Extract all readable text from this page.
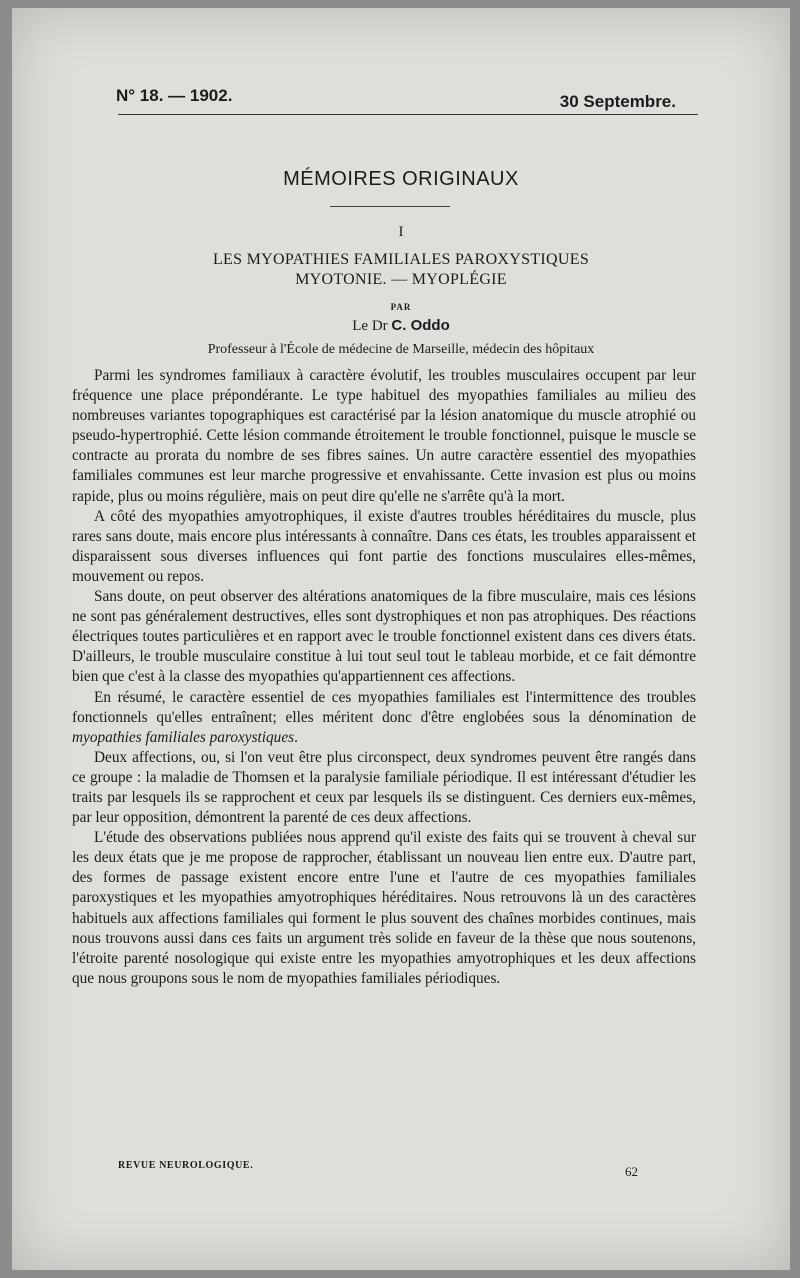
N° 18. — 1902.	30 Septembre.
MÉMOIRES ORIGINAUX
I
LES MYOPATHIES FAMILIALES PAROXYSTIQUES
MYOTONIE. — MYOPLÉGIE
PAR
Le Dr C. Oddo
Professeur à l'École de médecine de Marseille, médecin des hôpitaux

Parmi les syndromes familiaux à caractère évolutif, les troubles musculaires occupent par leur fréquence une place prépondérante. Le type habituel des myopathies familiales au milieu des nombreuses variantes topographiques est caractérisé par la lésion anatomique du muscle atrophié ou pseudo-hypertrophié. Cette lésion commande étroitement le trouble fonctionnel, puisque le muscle se contracte au prorata du nombre de ses fibres saines. Un autre caractère essentiel des myopathies familiales communes est leur marche progressive et envahissante. Cette invasion est plus ou moins rapide, plus ou moins régulière, mais on peut dire qu'elle ne s'arrête qu'à la mort.

A côté des myopathies amyotrophiques, il existe d'autres troubles héréditaires du muscle, plus rares sans doute, mais encore plus intéressants à connaître. Dans ces états, les troubles apparaissent et disparaissent sous diverses influences qui font partie des fonctions musculaires elles-mêmes, mouvement ou repos.

Sans doute, on peut observer des altérations anatomiques de la fibre musculaire, mais ces lésions ne sont pas généralement destructives, elles sont dystrophiques et non pas atrophiques. Des réactions électriques toutes particulières et en rapport avec le trouble fonctionnel existent dans ces divers états. D'ailleurs, le trouble musculaire constitue à lui tout seul tout le tableau morbide, et ce fait démontre bien que c'est à la classe des myopathies qu'appartiennent ces affections.

En résumé, le caractère essentiel de ces myopathies familiales est l'intermittence des troubles fonctionnels qu'elles entraînent; elles méritent donc d'être englobées sous la dénomination de myopathies familiales paroxystiques.

Deux affections, ou, si l'on veut être plus circonspect, deux syndromes peuvent être rangés dans ce groupe : la maladie de Thomsen et la paralysie familiale périodique. Il est intéressant d'étudier les traits par lesquels ils se rapprochent et ceux par lesquels ils se distinguent. Ces derniers eux-mêmes, par leur opposition, démontrent la parenté de ces deux affections.

L'étude des observations publiées nous apprend qu'il existe des faits qui se trouvent à cheval sur les deux états que je me propose de rapprocher, établissant un nouveau lien entre eux. D'autre part, des formes de passage existent encore entre l'une et l'autre de ces myopathies familiales paroxystiques et les myopathies amyotrophiques héréditaires. Nous retrouvons là un des caractères habituels aux affections familiales qui forment le plus souvent des chaînes morbides continues, mais nous trouvons aussi dans ces faits un argument très solide en faveur de la thèse que nous soutenons, l'étroite parenté nosologique qui existe entre les myopathies amyotrophiques et les deux affections que nous groupons sous le nom de myopathies familiales périodiques.

REVUE NEUROLOGIQUE.	62
